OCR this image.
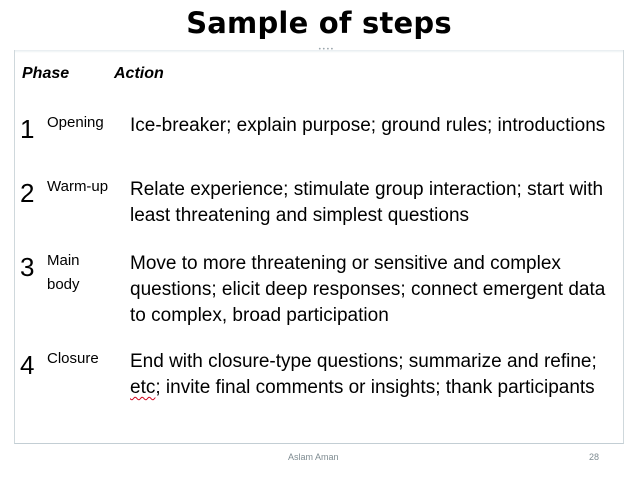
Sample of steps
••••
Phase	Action
1 Opening Ice-breaker; explain purpose; ground rules; introductions
2 Warm-up Relate experience; stimulate group interaction; start with least threatening and simplest questions
3 Main
body
Move to more threatening or sensitive and complex questions; elicit deep responses; connect emergent data to complex, broad participation
4 Closure End with closure-type questions; summarize and refine; etc; invite final comments or insights; thank participants
Aslam Aman	28
